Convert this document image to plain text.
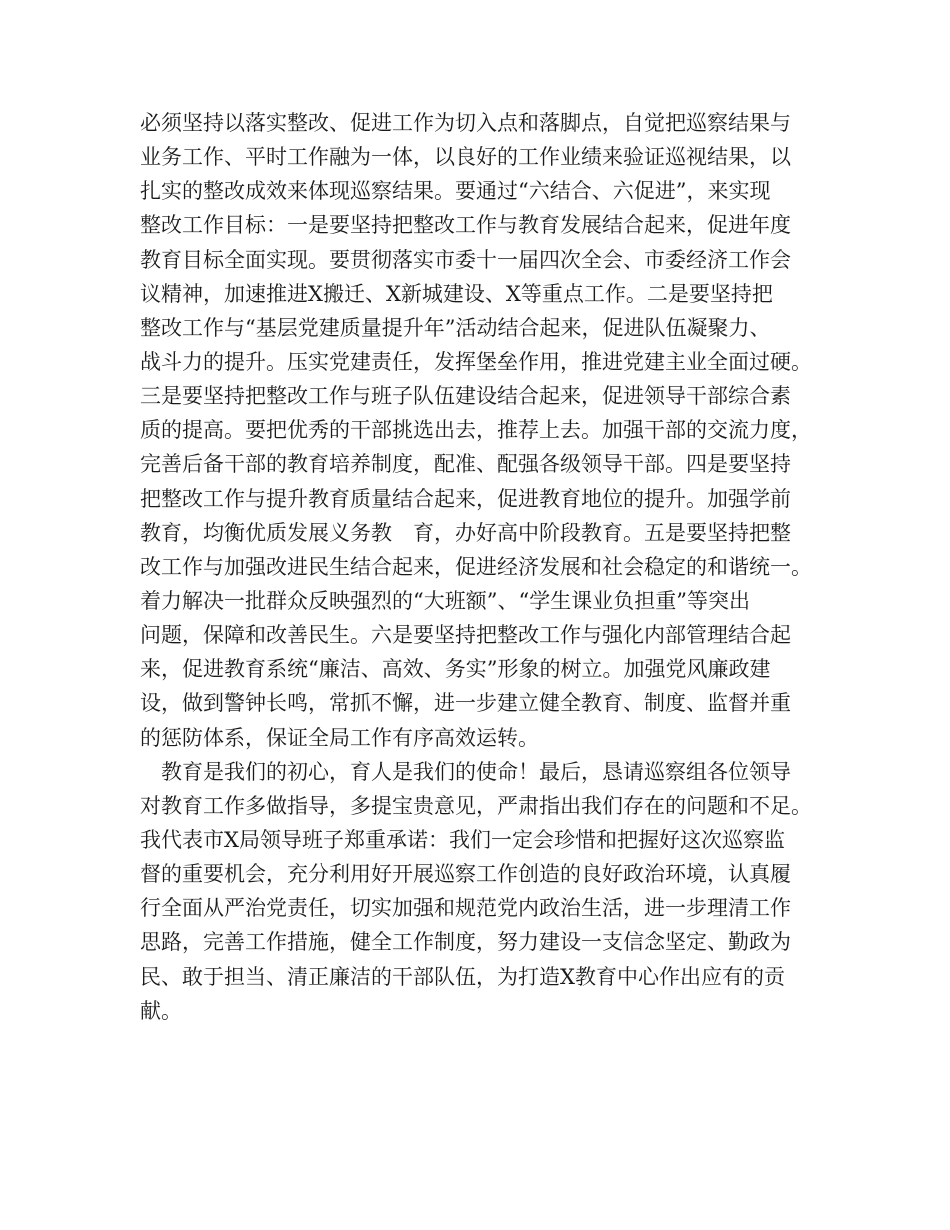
必须坚持以落实整改、促进工作为切入点和落脚点，自觉把巡察结果与
业务工作、平时工作融为一体，以良好的工作业绩来验证巡视结果，以
扎实的整改成效来体现巡察结果。要通过“六结合、六促进”，来实现
整改工作目标：一是要坚持把整改工作与教育发展结合起来，促进年度
教育目标全面实现。要贯彻落实市委十一届四次全会、市委经济工作会
议精神，加速推进X搬迁、X新城建设、X等重点工作。二是要坚持把
整改工作与“基层党建质量提升年”活动结合起来，促进队伍凝聚力、
战斗力的提升。压实党建责任，发挥堡垒作用，推进党建主业全面过硬。
三是要坚持把整改工作与班子队伍建设结合起来，促进领导干部综合素
质的提高。要把优秀的干部挑选出去，推荐上去。加强干部的交流力度，
完善后备干部的教育培养制度，配准、配强各级领导干部。四是要坚持
把整改工作与提升教育质量结合起来，促进教育地位的提升。加强学前
教育，均衡优质发展义务教　育，办好高中阶段教育。五是要坚持把整
改工作与加强改进民生结合起来，促进经济发展和社会稳定的和谐统一。
着力解决一批群众反映强烈的“大班额”、“学生课业负担重”等突出
问题，保障和改善民生。六是要坚持把整改工作与强化内部管理结合起
来，促进教育系统“廉洁、高效、务实”形象的树立。加强党风廉政建
设，做到警钟长鸣，常抓不懈，进一步建立健全教育、制度、监督并重
的惩防体系，保证全局工作有序高效运转。
　教育是我们的初心，育人是我们的使命！最后，恳请巡察组各位领导
对教育工作多做指导，多提宝贵意见，严肃指出我们存在的问题和不足。
我代表市X局领导班子郑重承诺：我们一定会珍惜和把握好这次巡察监
督的重要机会，充分利用好开展巡察工作创造的良好政治环境，认真履
行全面从严治党责任，切实加强和规范党内政治生活，进一步理清工作
思路，完善工作措施，健全工作制度，努力建设一支信念坚定、勤政为
民、敢于担当、清正廉洁的干部队伍，为打造X教育中心作出应有的贡
献。
